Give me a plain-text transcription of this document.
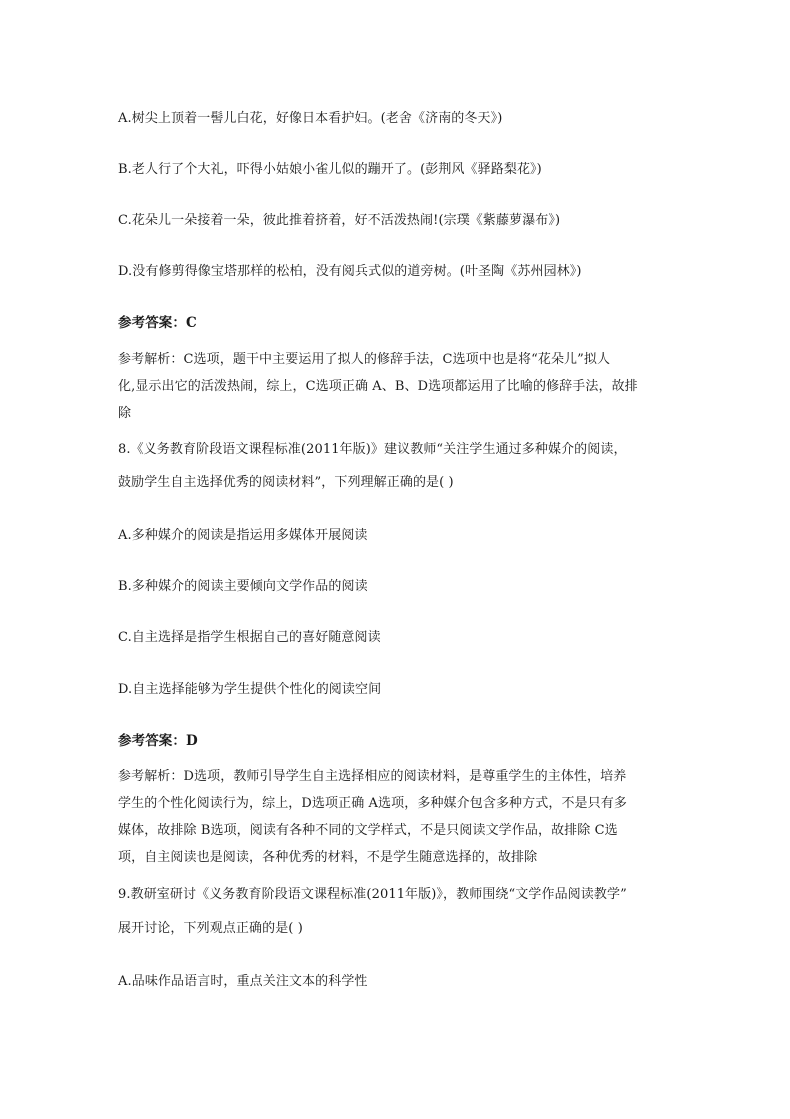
A.树尖上顶着一髻儿白花，好像日本看护妇。(老舍《济南的冬天》)
B.老人行了个大礼，吓得小姑娘小雀儿似的蹦开了。(彭荆风《驿路梨花》)
C.花朵儿一朵接着一朵，彼此推着挤着，好不活泼热闹!(宗璞《紫藤萝瀑布》)
D.没有修剪得像宝塔那样的松柏，没有阅兵式似的道旁树。(叶圣陶《苏州园林》)
参考答案：C
参考解析：C选项，题干中主要运用了拟人的修辞手法，C选项中也是将“花朵儿”拟人
化,显示出它的活泼热闹，综上，C选项正确 A、B、D选项都运用了比喻的修辞手法，故排
除
8.《义务教育阶段语文课程标准(2011年版)》建议教师“关注学生通过多种媒介的阅读，
鼓励学生自主选择优秀的阅读材料”，下列理解正确的是( )
A.多种媒介的阅读是指运用多媒体开展阅读
B.多种媒介的阅读主要倾向文学作品的阅读
C.自主选择是指学生根据自己的喜好随意阅读
D.自主选择能够为学生提供个性化的阅读空间
参考答案：D
参考解析：D选项，教师引导学生自主选择相应的阅读材料，是尊重学生的主体性，培养
学生的个性化阅读行为，综上，D选项正确 A选项，多种媒介包含多种方式，不是只有多
媒体，故排除 B选项，阅读有各种不同的文学样式，不是只阅读文学作品，故排除 C选
项，自主阅读也是阅读，各种优秀的材料，不是学生随意选择的，故排除
9.教研室研讨《义务教育阶段语文课程标准(2011年版)》，教师围绕“文学作品阅读教学”
展开讨论，下列观点正确的是( )
A.品味作品语言时，重点关注文本的科学性
